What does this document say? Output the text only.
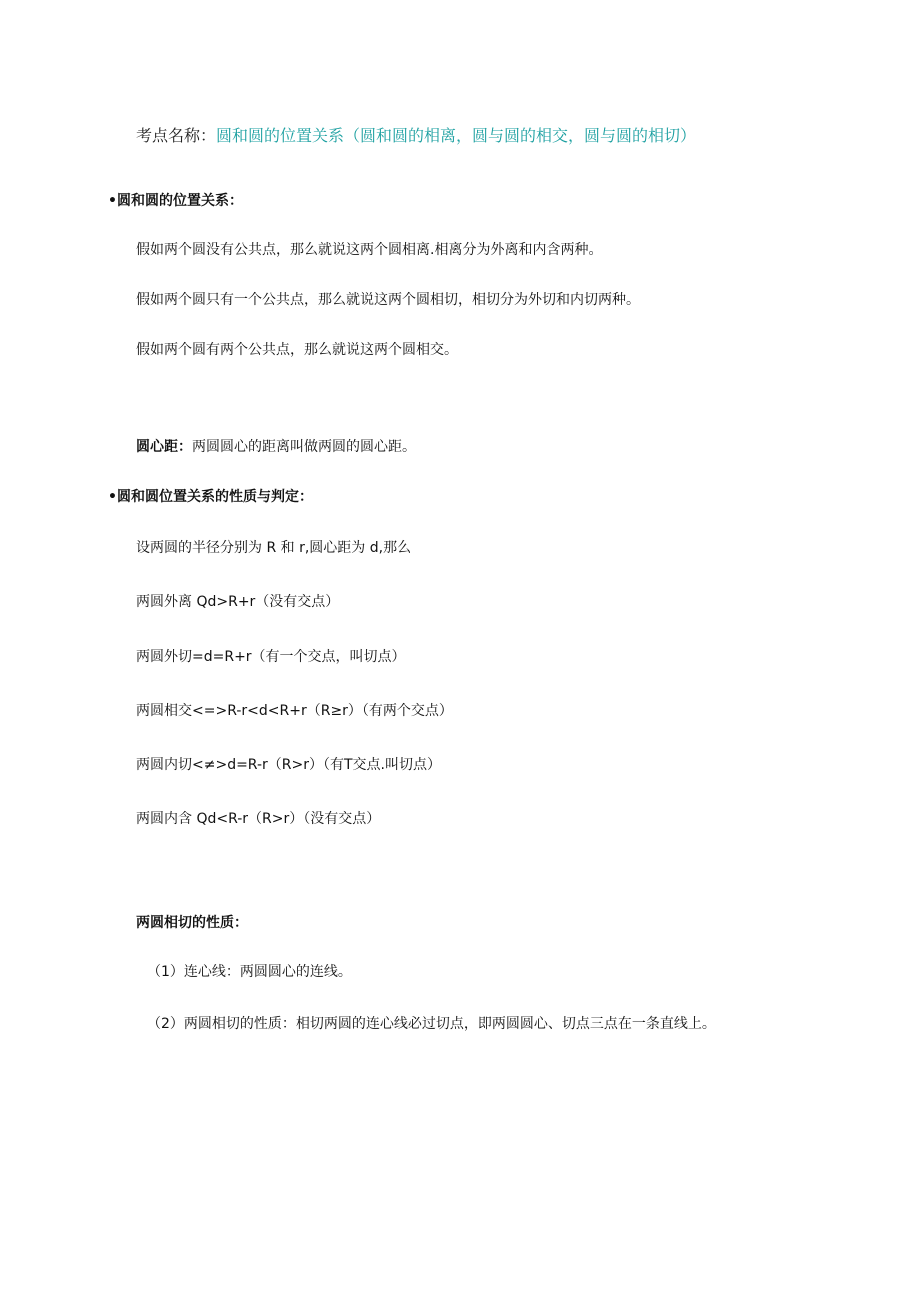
考点名称：圆和圆的位置关系（圆和圆的相离，圆与圆的相交，圆与圆的相切）
•圆和圆的位置关系：
假如两个圆没有公共点，那么就说这两个圆相离.相离分为外离和内含两种。
假如两个圆只有一个公共点，那么就说这两个圆相切，相切分为外切和内切两种。
假如两个圆有两个公共点，那么就说这两个圆相交。
圆心距：两圆圆心的距离叫做两圆的圆心距。
•圆和圆位置关系的性质与判定：
设两圆的半径分别为 R 和 r,圆心距为 d,那么
两圆外离 Qd>R+r（没有交点）
两圆外切=d=R+r（有一个交点，叫切点）
两圆相交<=>R-r<d<R+r（R≥r）（有两个交点）
两圆内切<≠>d=R-r（R>r）（有T交点.叫切点）
两圆内含 Qd<R-r（R>r）（没有交点）
两圆相切的性质：
（1）连心线：两圆圆心的连线。
（2）两圆相切的性质：相切两圆的连心线必过切点，即两圆圆心、切点三点在一条直线上。
